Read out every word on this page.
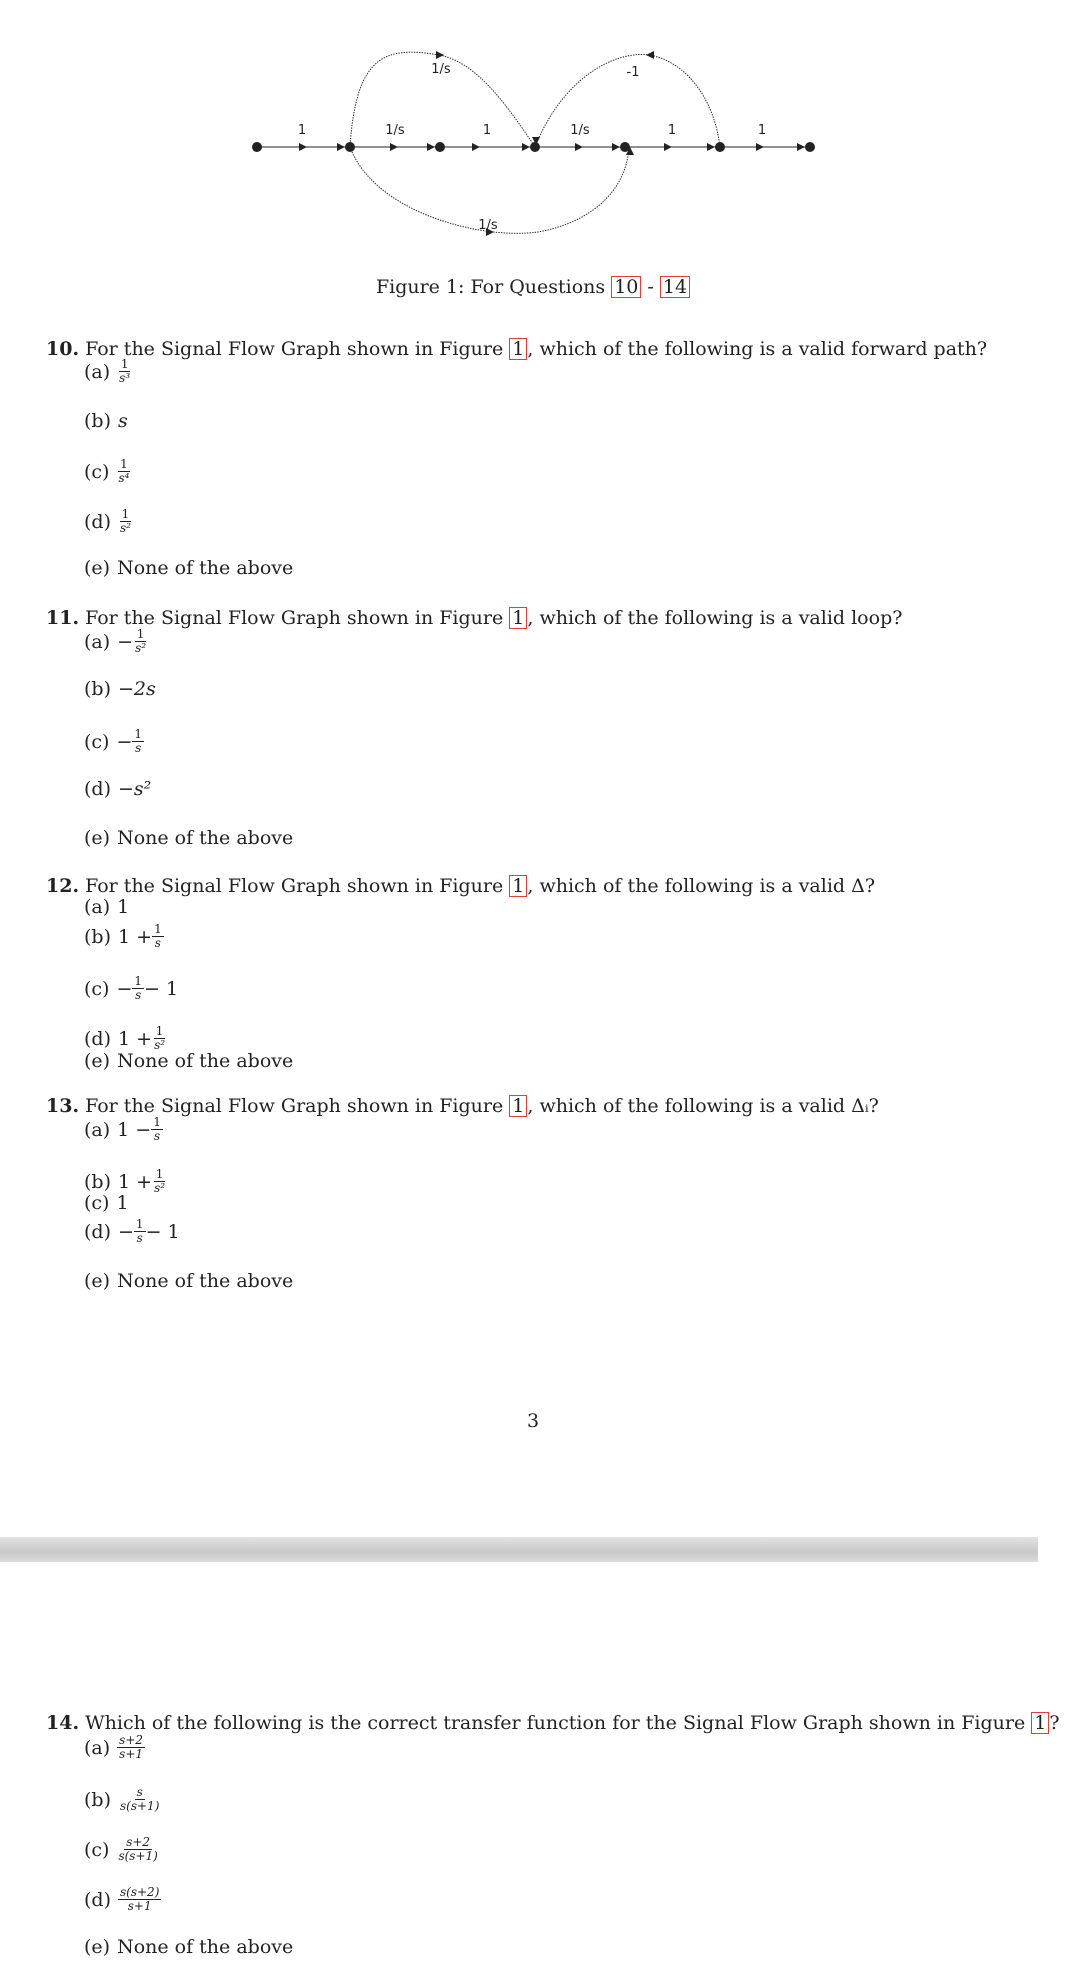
1	1/s	1	1/s	1	1
1/s	-1
1/s
Figure 1: For Questions 10 - 14
3
10. For the Signal Flow Graph shown in Figure 1 , which of the following is a valid forward path?
$(a) \frac{1}{\text{s³}}$
(b) s
$(c) \frac{1}{\text{s⁴}}$
$(d) \frac{1}{\text{s²}}$
(e) None of the above
11. For the Signal Flow Graph shown in Figure 1 , which of the following is a valid loop?
$(a) - \frac{1}{\text{s²}}$
(b) −2s
$(c) - \frac{1}{s}$
(d) −s²
(e) None of the above
12. For the Signal Flow Graph shown in Figure 1 , which of the following is a valid Δ?
(a) 1
(b) $1 + \frac{1}{s}$
$(c) - \frac{1}{s} - 1$
(d) $1 + \frac{1}{\text{s²}}$
(e) None of the above
13. For the Signal Flow Graph shown in Figure 1 , which of the following is a valid Δᵢ?
(a) $1 - \frac{1}{s}$
(b) $1 + \frac{1}{\text{s²}}$
(c) 1
$(d) - \frac{1}{s} - 1$
(e) None of the above
14. Which of the following is the correct transfer function for the Signal Flow Graph shown in Figure 1 ?
$(a) \frac{s+2}{s+1}$
$(b) \frac{s}{s(s+1)}$
$(c) \frac{s+2}{s(s+1)}$
$(d) \frac{s(s+2)}{s+1}$
(e) None of the above
